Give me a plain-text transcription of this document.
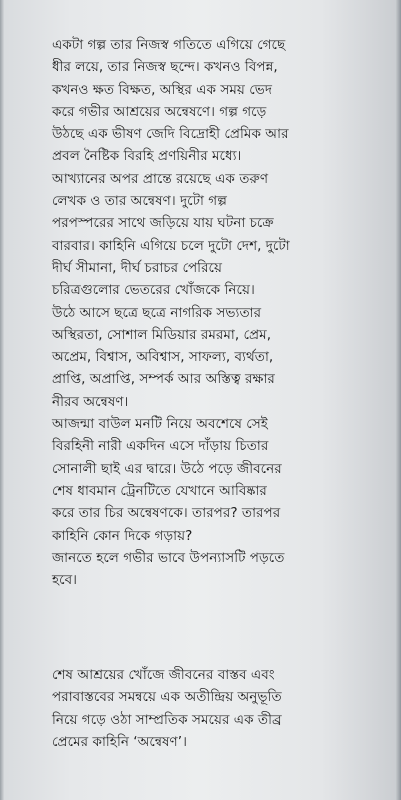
একটা গল্প তার নিজস্ব গতিতে এগিয়ে গেছে
ধীর লয়ে, তার নিজস্ব ছন্দে। কখনও বিপন্ন,
কখনও ক্ষত বিক্ষত, অস্থির এক সময় ভেদ
করে গভীর আশ্রয়ের অন্বেষণে। গল্প গড়ে
উঠছে এক ভীষণ জেদি বিদ্রোহী প্রেমিক আর
প্রবল নৈষ্টিক বিরহি প্রণয়িনীর মধ্যে।
আখ্যানের অপর প্রান্তে রয়েছে এক তরুণ
লেখক ও তার অন্বেষণ। দুটো গল্প
পরপস্পরের সাথে জড়িয়ে যায় ঘটনা চক্রে
বারবার। কাহিনি এগিয়ে চলে দুটো দেশ, দুটো
দীর্ঘ সীমানা, দীর্ঘ চরাচর পেরিয়ে
চরিত্রগুলোর ভেতরের খোঁজকে নিয়ে।
উঠে আসে ছত্রে ছত্রে নাগরিক সভ্যতার
অস্থিরতা, সোশাল মিডিয়ার রমরমা, প্রেম,
অপ্রেম, বিশ্বাস, অবিশ্বাস, সাফল্য, ব্যর্থতা,
প্রাপ্তি, অপ্রাপ্তি, সম্পর্ক আর অস্তিত্ব রক্ষার
নীরব অন্বেষণ।
আজন্মা বাউল মনটি নিয়ে অবশেষে সেই
বিরহিনী নারী একদিন এসে দাঁড়ায় চিতার
সোনালী ছাই এর দ্বারে। উঠে পড়ে জীবনের
শেষ ধাবমান ট্রেনটিতে যেখানে আবিষ্কার
করে তার চির অন্বেষণকে। তারপর? তারপর
কাহিনি কোন দিকে গড়ায়?
জানতে হলে গভীর ভাবে উপন্যাসটি পড়তে
হবে।
শেষ আশ্রয়ের খোঁজে জীবনের বাস্তব এবং
পরাবাস্তবের সমন্বয়ে এক অতীন্দ্রিয় অনুভূতি
নিয়ে গড়ে ওঠা সাম্প্রতিক সময়ের এক তীব্র
প্রেমের কাহিনি ‘অন্বেষণ’।
